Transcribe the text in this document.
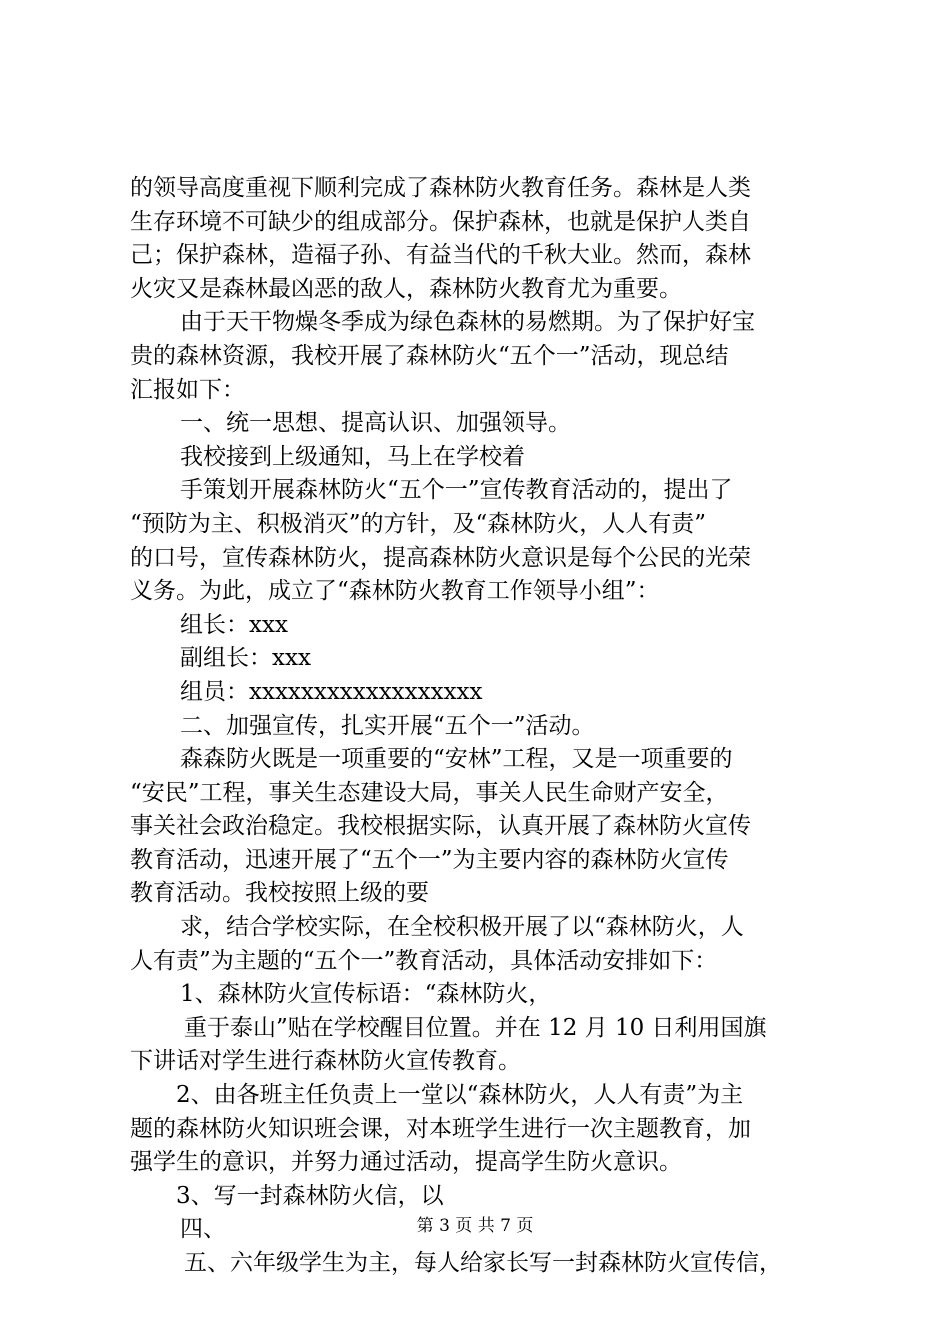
的领导高度重视下顺利完成了森林防火教育任务。森林是人类
生存环境不可缺少的组成部分。保护森林，也就是保护人类自
己；保护森林，造福子孙、有益当代的千秋大业。然而，森林
火灾又是森林最凶恶的敌人，森林防火教育尤为重要。
由于天干物燥冬季成为绿色森林的易燃期。为了保护好宝
贵的森林资源，我校开展了森林防火“五个一”活动，现总结
汇报如下：
一、统一思想、提高认识、加强领导。
我校接到上级通知，马上在学校着
手策划开展森林防火“五个一”宣传教育活动的，提出了
“预防为主、积极消灭”的方针，及“森林防火，人人有责”
的口号，宣传森林防火，提高森林防火意识是每个公民的光荣
义务。为此，成立了“森林防火教育工作领导小组”：
组长：xxx
副组长：xxx
组员：xxxxxxxxxxxxxxxxxx
二、加强宣传，扎实开展“五个一”活动。
森森防火既是一项重要的“安林”工程，又是一项重要的
“安民”工程，事关生态建设大局，事关人民生命财产安全，
事关社会政治稳定。我校根据实际，认真开展了森林防火宣传
教育活动，迅速开展了“五个一”为主要内容的森林防火宣传
教育活动。我校按照上级的要
求，结合学校实际，在全校积极开展了以“森林防火，人
人有责”为主题的“五个一”教育活动，具体活动安排如下：
1、森林防火宣传标语：“森林防火，
重于泰山”贴在学校醒目位置。并在 12 月 10 日利用国旗
下讲话对学生进行森林防火宣传教育。
2、由各班主任负责上一堂以“森林防火，人人有责”为主
题的森林防火知识班会课，对本班学生进行一次主题教育，加
强学生的意识，并努力通过活动，提高学生防火意识。
3、写一封森林防火信，以
四、
五、六年级学生为主，每人给家长写一封森林防火宣传信，
第 3 页 共 7 页
